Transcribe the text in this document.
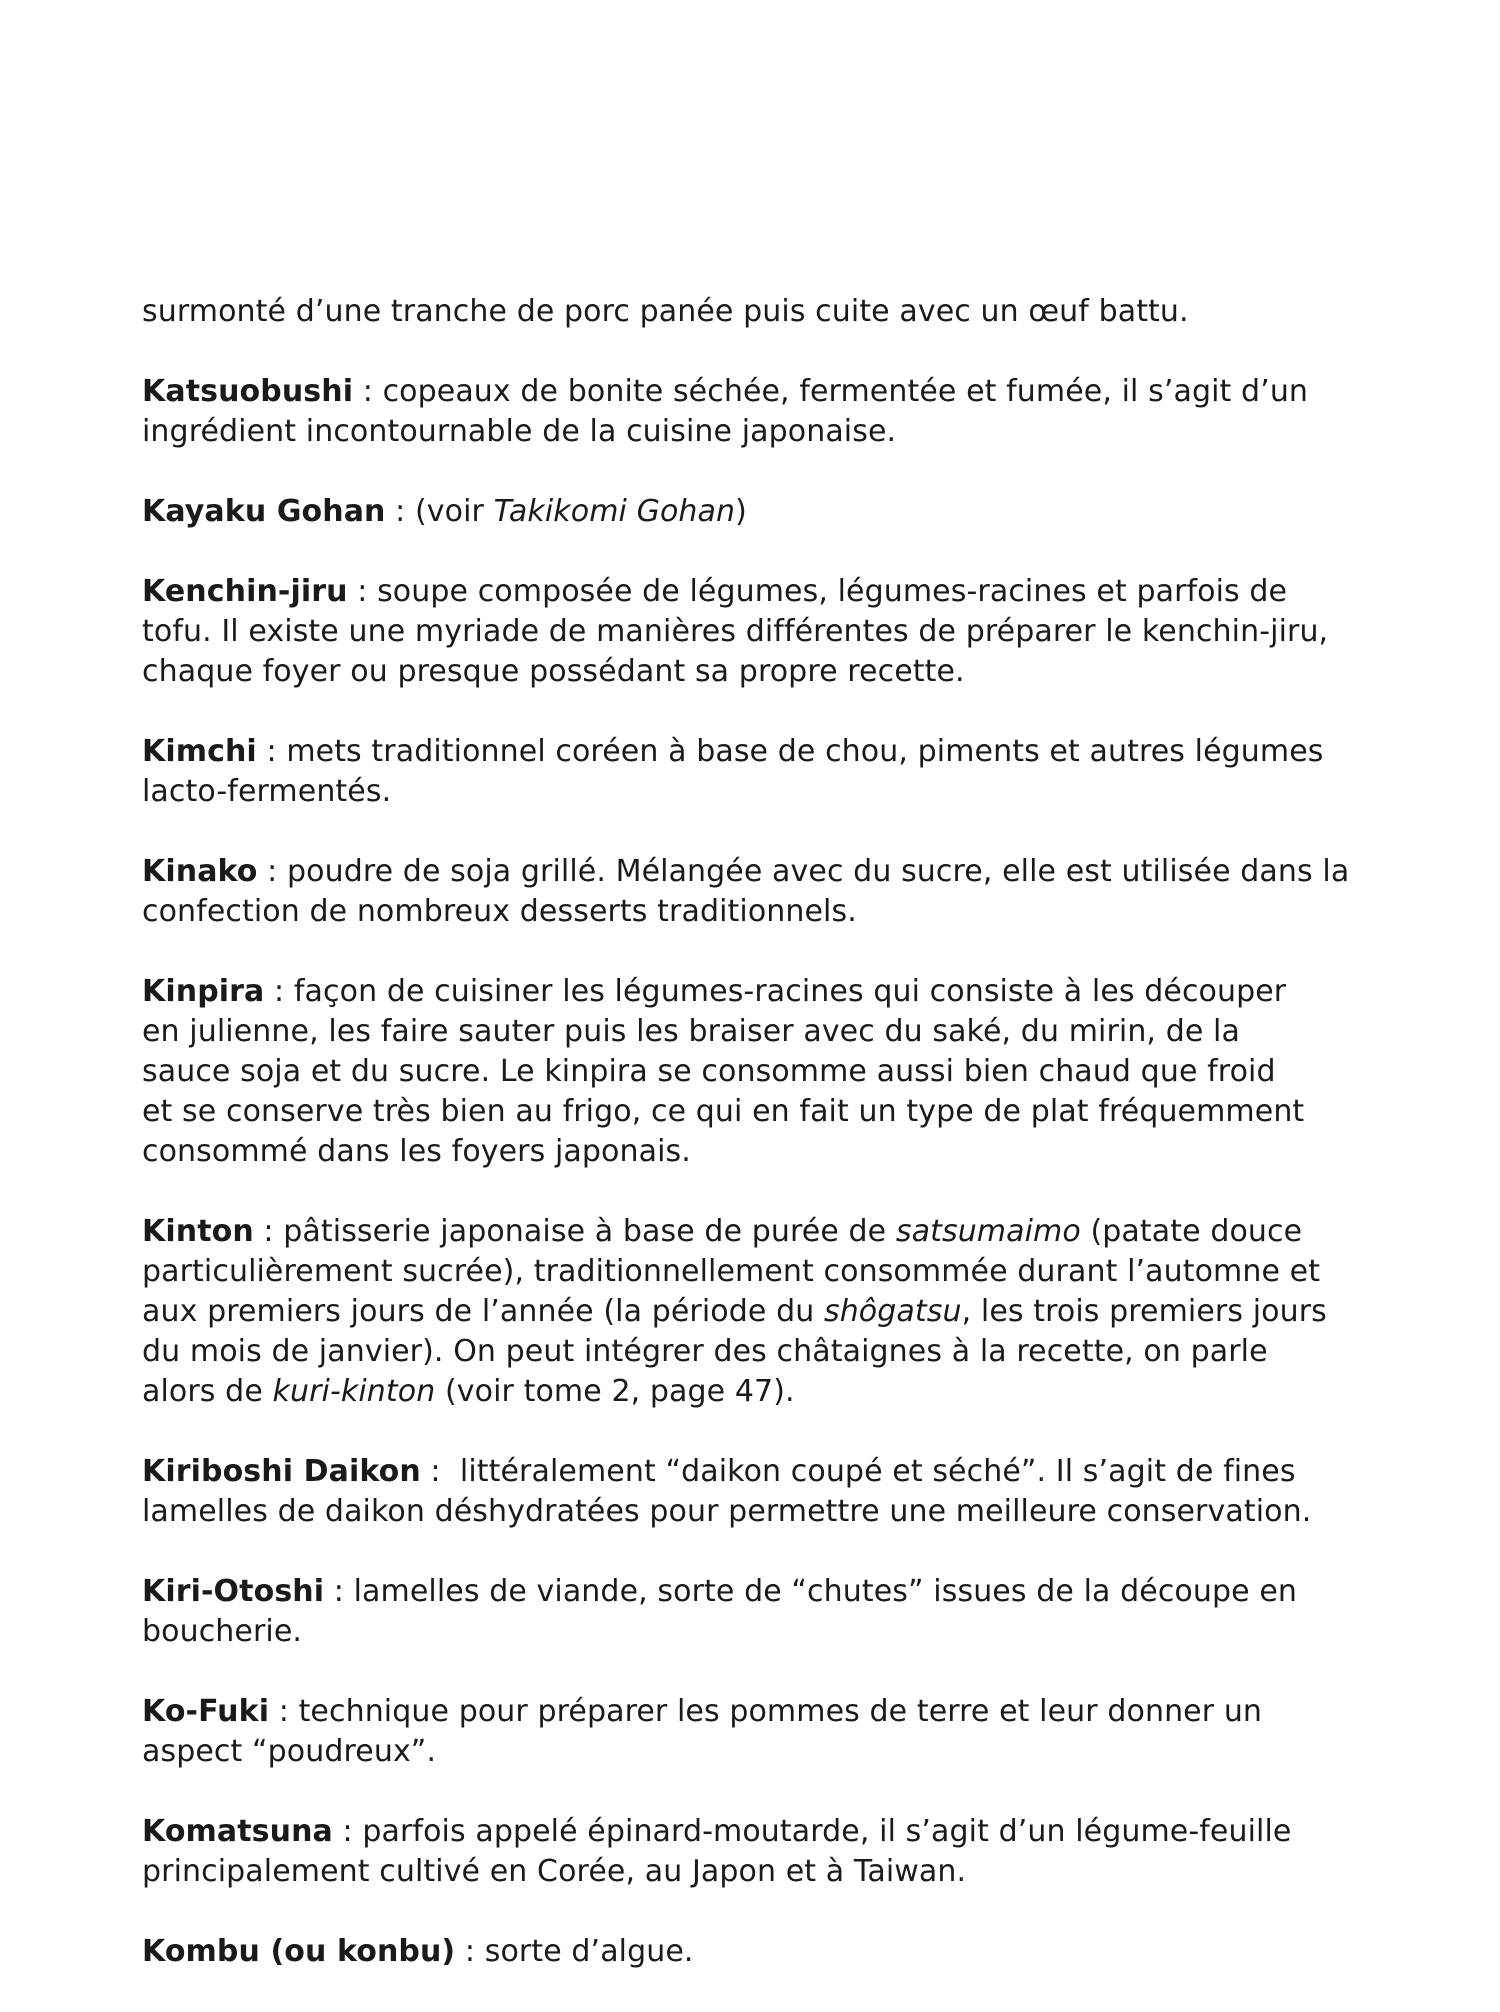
surmonté d’une tranche de porc panée puis cuite avec un œuf battu.
Katsuobushi : copeaux de bonite séchée, fermentée et fumée, il s’agit d’un
ingrédient incontournable de la cuisine japonaise.
Kayaku Gohan : (voir Takikomi Gohan)
Kenchin-jiru : soupe composée de légumes, légumes-racines et parfois de
tofu. Il existe une myriade de manières différentes de préparer le kenchin-jiru,
chaque foyer ou presque possédant sa propre recette.
Kimchi : mets traditionnel coréen à base de chou, piments et autres légumes
lacto-fermentés.
Kinako : poudre de soja grillé. Mélangée avec du sucre, elle est utilisée dans la
confection de nombreux desserts traditionnels.
Kinpira : façon de cuisiner les légumes-racines qui consiste à les découper
en julienne, les faire sauter puis les braiser avec du saké, du mirin, de la
sauce soja et du sucre. Le kinpira se consomme aussi bien chaud que froid
et se conserve très bien au frigo, ce qui en fait un type de plat fréquemment
consommé dans les foyers japonais.
Kinton : pâtisserie japonaise à base de purée de satsumaimo (patate douce
particulièrement sucrée), traditionnellement consommée durant l’automne et
aux premiers jours de l’année (la période du shôgatsu, les trois premiers jours
du mois de janvier). On peut intégrer des châtaignes à la recette, on parle
alors de kuri-kinton (voir tome 2, page 47).
Kiriboshi Daikon :  littéralement “daikon coupé et séché”. Il s’agit de fines
lamelles de daikon déshydratées pour permettre une meilleure conservation.
Kiri-Otoshi : lamelles de viande, sorte de “chutes” issues de la découpe en
boucherie.
Ko-Fuki : technique pour préparer les pommes de terre et leur donner un
aspect “poudreux”.
Komatsuna : parfois appelé épinard-moutarde, il s’agit d’un légume-feuille
principalement cultivé en Corée, au Japon et à Taiwan.
Kombu (ou konbu) : sorte d’algue.
